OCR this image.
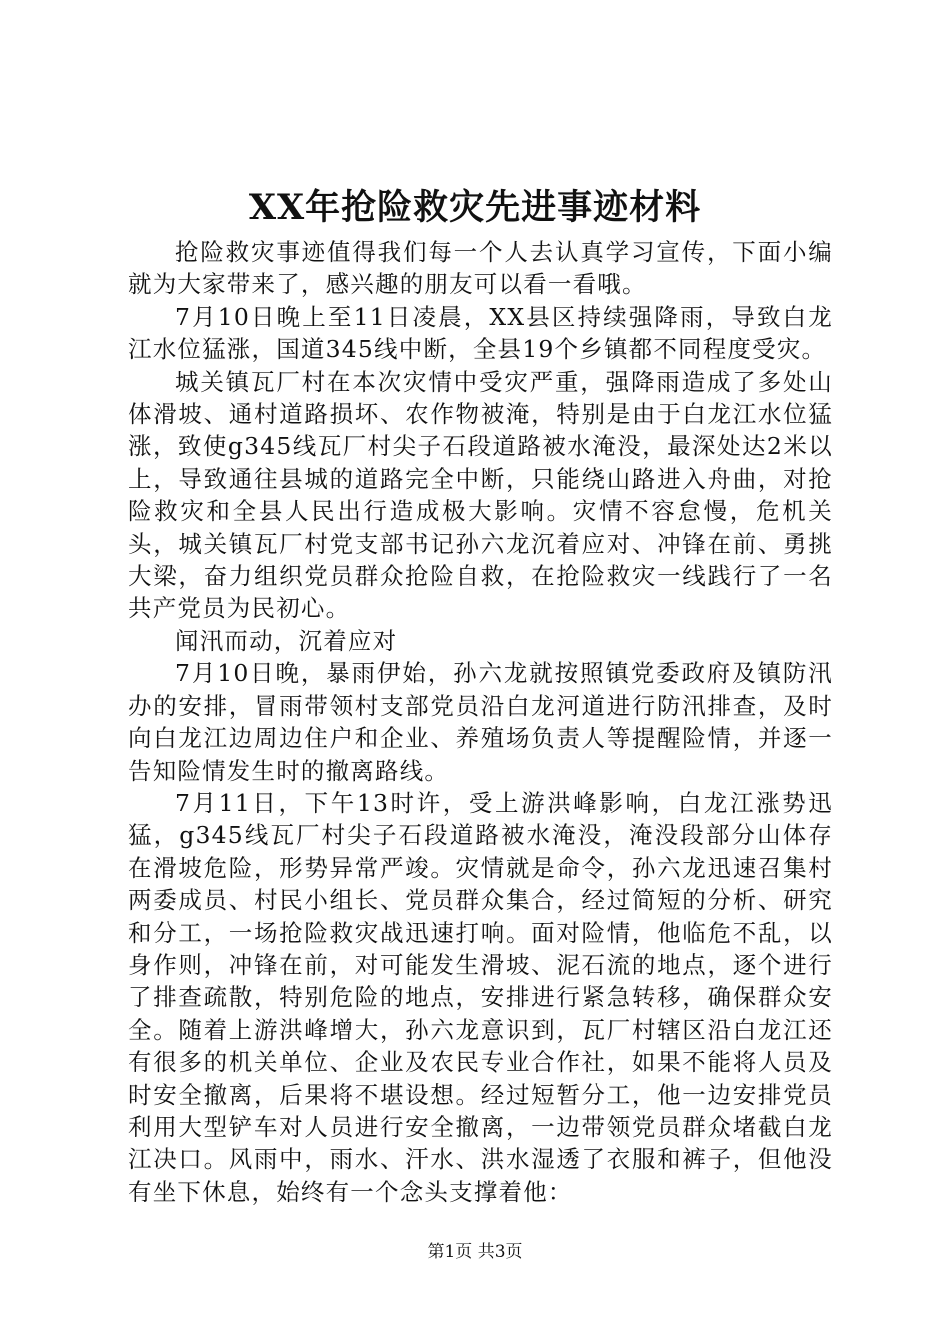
XX年抢险救灾先进事迹材料

抢险救灾事迹值得我们每一个人去认真学习宣传，下面小编就为大家带来了，感兴趣的朋友可以看一看哦。

7月10日晚上至11日凌晨，XX县区持续强降雨，导致白龙江水位猛涨，国道345线中断，全县19个乡镇都不同程度受灾。

城关镇瓦厂村在本次灾情中受灾严重，强降雨造成了多处山体滑坡、通村道路损坏、农作物被淹，特别是由于白龙江水位猛涨，致使g345线瓦厂村尖子石段道路被水淹没，最深处达2米以上，导致通往县城的道路完全中断，只能绕山路进入舟曲，对抢险救灾和全县人民出行造成极大影响。灾情不容怠慢，危机关头，城关镇瓦厂村党支部书记孙六龙沉着应对、冲锋在前、勇挑大梁，奋力组织党员群众抢险自救，在抢险救灾一线践行了一名共产党员为民初心。

闻汛而动，沉着应对

7月10日晚，暴雨伊始，孙六龙就按照镇党委政府及镇防汛办的安排，冒雨带领村支部党员沿白龙河道进行防汛排查，及时向白龙江边周边住户和企业、养殖场负责人等提醒险情，并逐一告知险情发生时的撤离路线。

7月11日，下午13时许，受上游洪峰影响，白龙江涨势迅猛，g345线瓦厂村尖子石段道路被水淹没，淹没段部分山体存在滑坡危险，形势异常严竣。灾情就是命令，孙六龙迅速召集村两委成员、村民小组长、党员群众集合，经过简短的分析、研究和分工，一场抢险救灾战迅速打响。面对险情，他临危不乱，以身作则，冲锋在前，对可能发生滑坡、泥石流的地点，逐个进行了排查疏散，特别危险的地点，安排进行紧急转移，确保群众安全。随着上游洪峰增大，孙六龙意识到，瓦厂村辖区沿白龙江还有很多的机关单位、企业及农民专业合作社，如果不能将人员及时安全撤离，后果将不堪设想。经过短暂分工，他一边安排党员利用大型铲车对人员进行安全撤离，一边带领党员群众堵截白龙江决口。风雨中，雨水、汗水、洪水湿透了衣服和裤子，但他没有坐下休息，始终有一个念头支撑着他：

第1页 共3页
